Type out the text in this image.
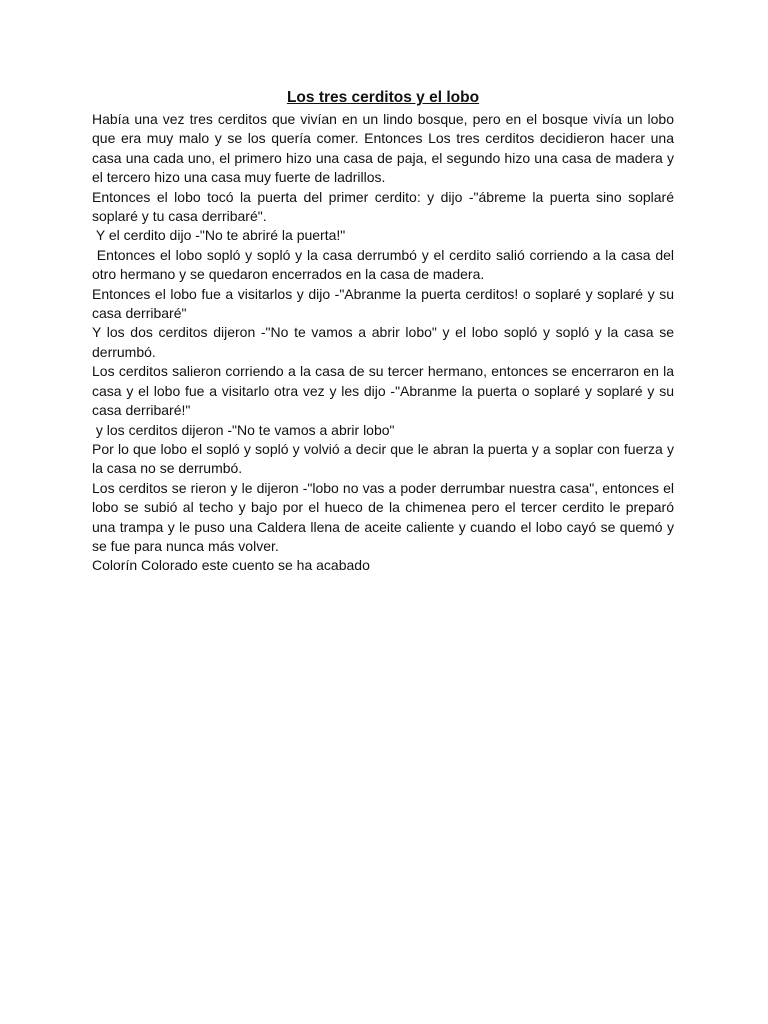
Los tres cerditos y el lobo

Había una vez tres cerditos que vivían en un lindo bosque, pero en el bosque vivía un lobo que era muy malo y se los quería comer. Entonces Los tres cerditos decidieron hacer una casa una cada uno, el primero hizo una casa de paja, el segundo hizo una casa de madera y el tercero hizo una casa muy fuerte de ladrillos.

Entonces el lobo tocó la puerta del primer cerdito: y dijo -"ábreme la puerta sino soplaré soplaré y tu casa derribaré".

Y el cerdito dijo -"No te abriré la puerta!"

Entonces el lobo sopló y sopló y la casa derrumbó y el cerdito salió corriendo a la casa del otro hermano y se quedaron encerrados en la casa de madera.

Entonces el lobo fue a visitarlos y dijo -"Abranme la puerta cerditos! o soplaré y soplaré y su casa derribaré"

Y los dos cerditos dijeron -"No te vamos a abrir lobo" y el lobo sopló y sopló y la casa se derrumbó.

Los cerditos salieron corriendo a la casa de su tercer hermano, entonces se encerraron en la casa y el lobo fue a visitarlo otra vez y les dijo -"Abranme la puerta o soplaré y soplaré y su casa derribaré!"

y los cerditos dijeron -"No te vamos a abrir lobo"

Por lo que lobo el sopló y sopló y volvió a decir que le abran la puerta y a soplar con fuerza y la casa no se derrumbó.

Los cerditos se rieron y le dijeron -"lobo no vas a poder derrumbar nuestra casa", entonces el lobo se subió al techo y bajo por el hueco de la chimenea pero el tercer cerdito le preparó una trampa y le puso una Caldera llena de aceite caliente y cuando el lobo cayó se quemó y se fue para nunca más volver.

Colorín Colorado este cuento se ha acabado
